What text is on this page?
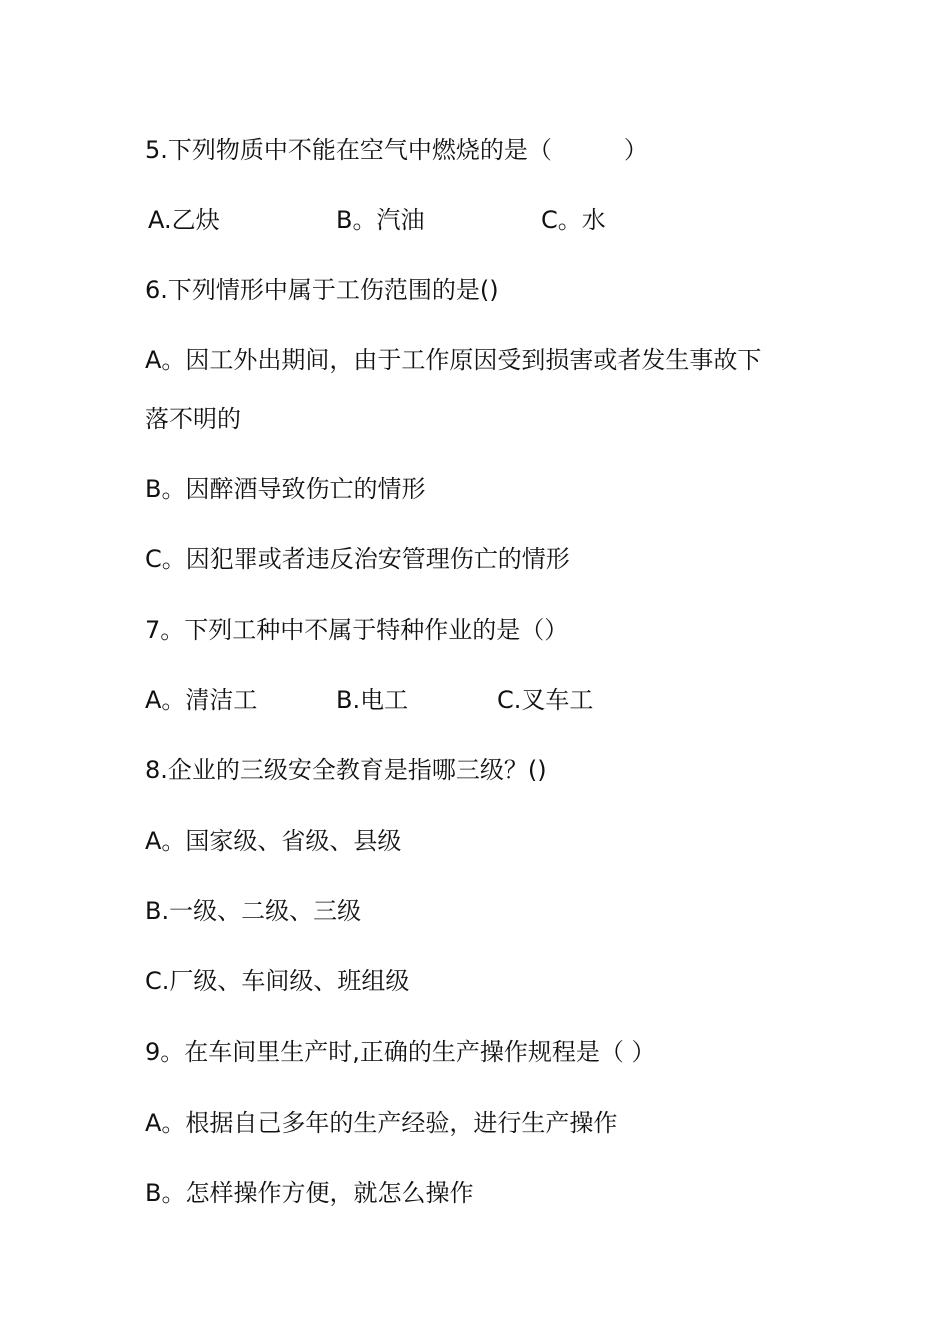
5.下列物质中不能在空气中燃烧的是（　　　）
A.乙炔	B。汽油	C。水
6.下列情形中属于工伤范围的是()
A。因工外出期间，由于工作原因受到损害或者发生事故下
落不明的
B。因醉酒导致伤亡的情形
C。因犯罪或者违反治安管理伤亡的情形
7。下列工种中不属于特种作业的是（）
A。清洁工	B.电工	C.叉车工
8.企业的三级安全教育是指哪三级？()
A。国家级、省级、县级
B.一级、二级、三级
C.厂级、车间级、班组级
9。在车间里生产时,正确的生产操作规程是（ ）
A。根据自己多年的生产经验，进行生产操作
B。怎样操作方便，就怎么操作
